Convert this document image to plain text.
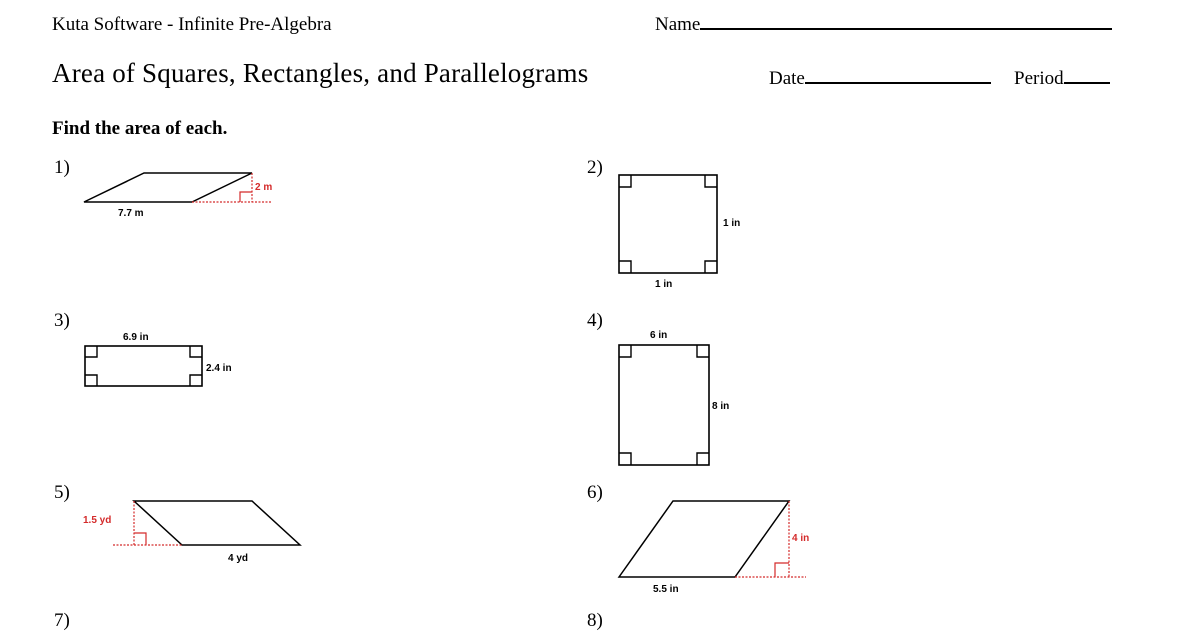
Kuta Software - Infinite Pre-Algebra	Name
Area of Squares, Rectangles, and Parallelograms	Date	Period
Find the area of each.
1)	2)
3)	4)
5)	6)
7)	8)
2 m
7.7 m
1 in
1 in
6.9 in
2.4 in
6 in
8 in
1.5 yd
4 yd
4 in
5.5 in
